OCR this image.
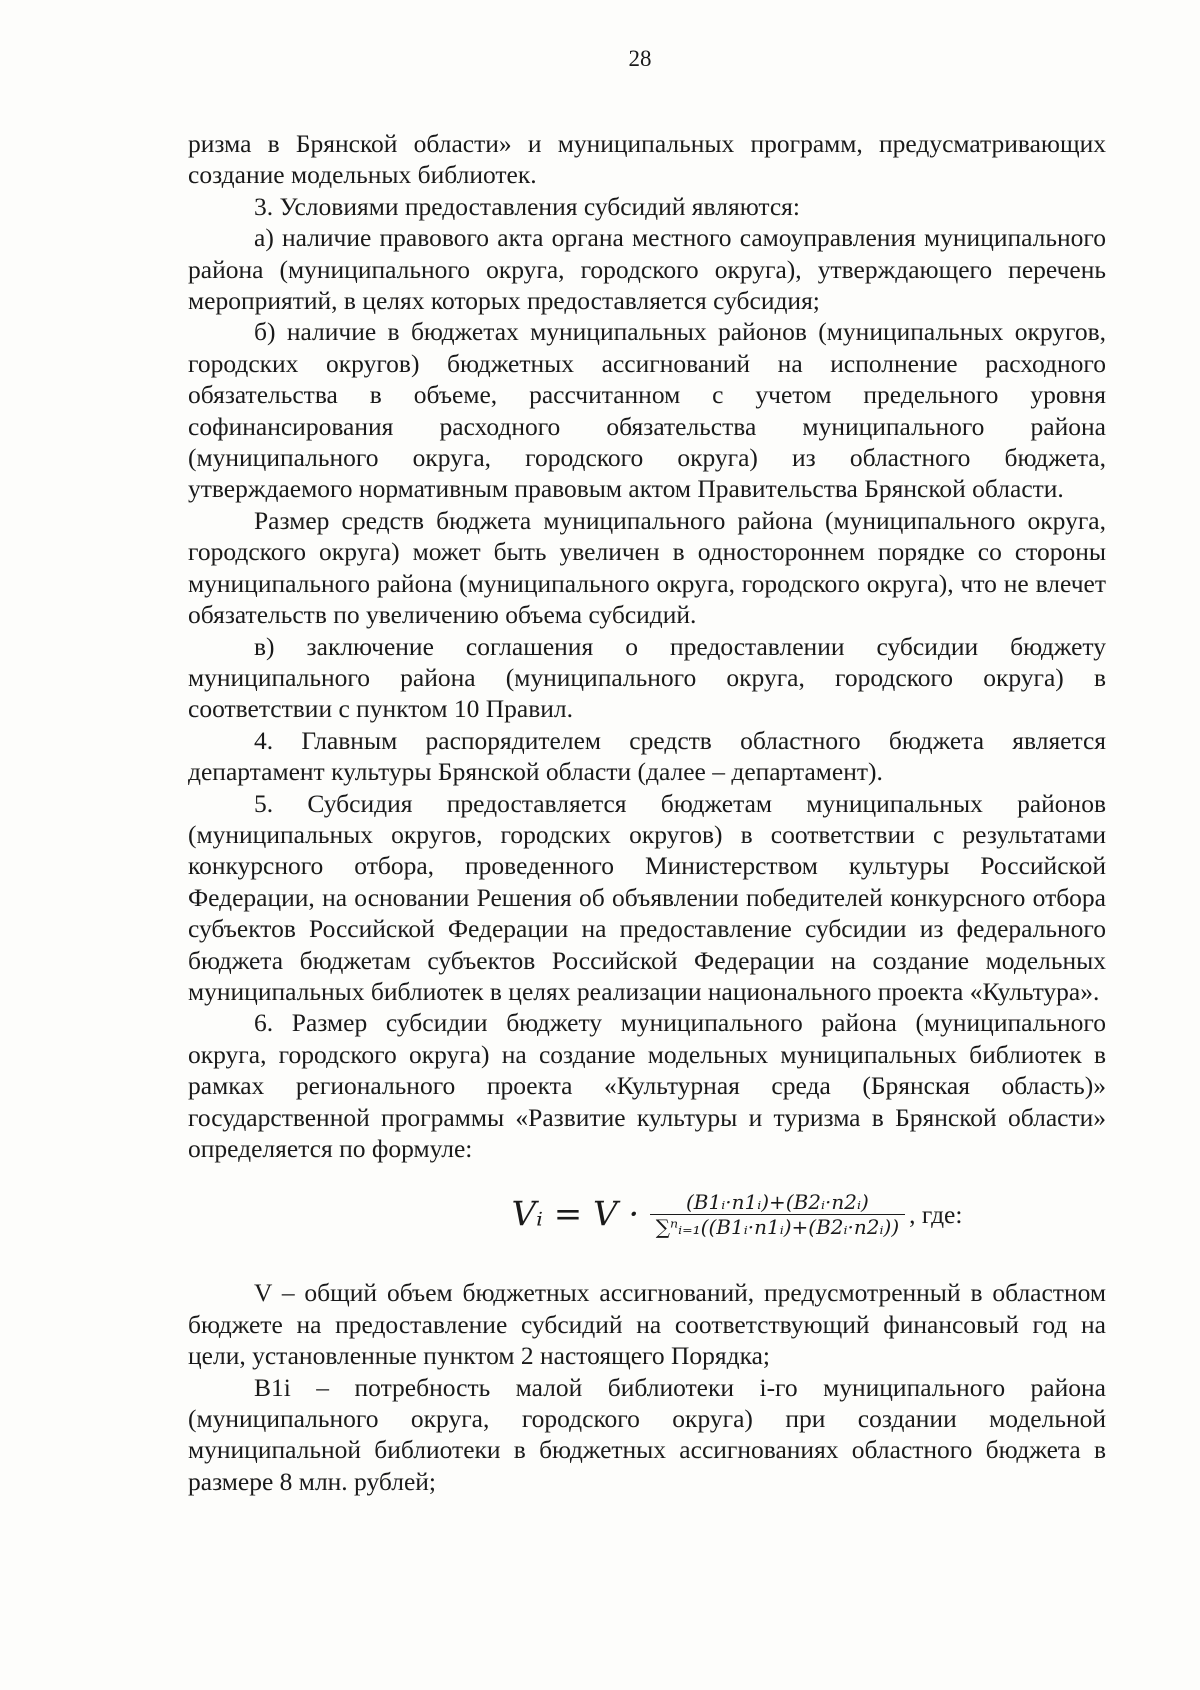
28

ризма в Брянской области» и муниципальных программ, предусматривающих создание модельных библиотек.

3. Условиями предоставления субсидий являются:

а) наличие правового акта органа местного самоуправления муниципального района (муниципального округа, городского округа), утверждающего перечень мероприятий, в целях которых предоставляется субсидия;

б) наличие в бюджетах муниципальных районов (муниципальных округов, городских округов) бюджетных ассигнований на исполнение расходного обязательства в объеме, рассчитанном с учетом предельного уровня софинансирования расходного обязательства муниципального района (муниципального округа, городского округа) из областного бюджета, утверждаемого нормативным правовым актом Правительства Брянской области.

Размер средств бюджета муниципального района (муниципального округа, городского округа) может быть увеличен в одностороннем порядке со стороны муниципального района (муниципального округа, городского округа), что не влечет обязательств по увеличению объема субсидий.

в) заключение соглашения о предоставлении субсидии бюджету муниципального района (муниципального округа, городского округа) в соответствии с пунктом 10 Правил.

4. Главным распорядителем средств областного бюджета является департамент культуры Брянской области (далее – департамент).

5. Субсидия предоставляется бюджетам муниципальных районов (муниципальных округов, городских округов) в соответствии с результатами конкурсного отбора, проведенного Министерством культуры Российской Федерации, на основании Решения об объявлении победителей конкурсного отбора субъектов Российской Федерации на предоставление субсидии из федерального бюджета бюджетам субъектов Российской Федерации на создание модельных муниципальных библиотек в целях реализации национального проекта «Культура».

6. Размер субсидии бюджету муниципального района (муниципального округа, городского округа) на создание модельных муниципальных библиотек в рамках регионального проекта «Культурная среда (Брянская область)» государственной программы «Развитие культуры и туризма в Брянской области» определяется по формуле:

Vᵢ = $V \cdot \frac{\text{(B1ᵢ·n1ᵢ)+(B2ᵢ·n2ᵢ)}}{\text{∑ⁿᵢ₌₁((B1ᵢ·n1ᵢ)+(B2ᵢ·n2ᵢ))}}$ , где:

V – общий объем бюджетных ассигнований, предусмотренный в областном бюджете на предоставление субсидий на соответствующий финансовый год на цели, установленные пунктом 2 настоящего Порядка;

B1i – потребность малой библиотеки i-го муниципального района (муниципального округа, городского округа) при создании модельной муниципальной библиотеки в бюджетных ассигнованиях областного бюджета в размере 8 млн. рублей;
